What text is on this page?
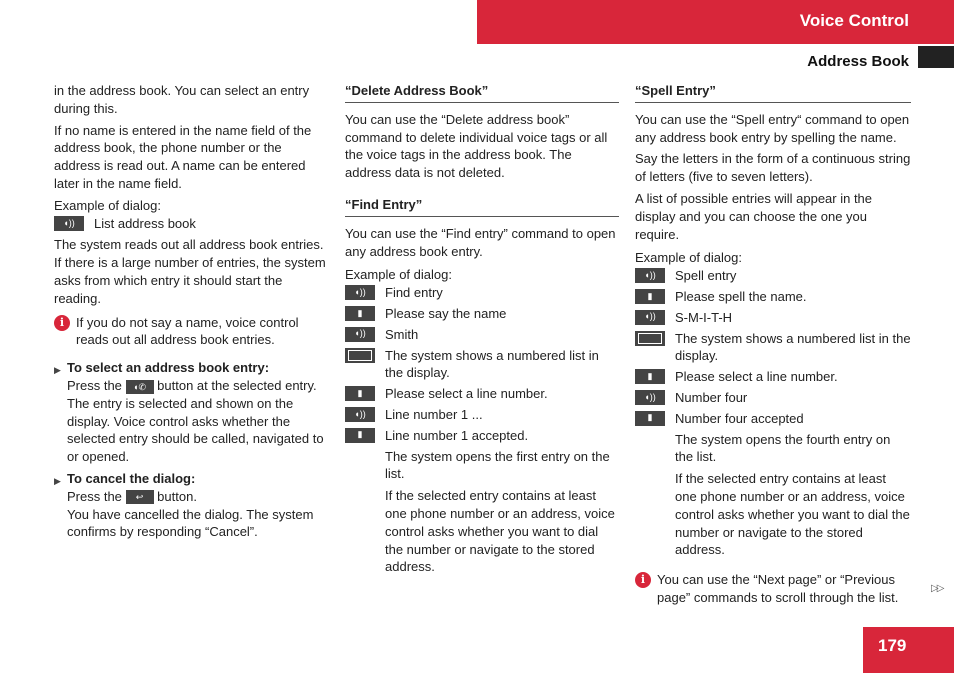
Voice Control
Address Book

in the address book. You can select an entry during this.

If no name is entered in the name field of the address book, the phone number or the address is read out. A name can be entered later in the name field.

Example of dialog:

◖))	List address book

The system reads out all address book entries. If there is a large number of entries, the system asks from which entry it should start the reading.

i If you do not say a name, voice control reads out all address book entries.
▶ To select an address book entry:
Press the ◖✆ button at the selected entry.
The entry is selected and shown on the display. Voice control asks whether the selected entry should be called, navigated to or opened.
▶ To cancel the dialog:
Press the ↩ button.
You have cancelled the dialog. The system confirms by responding “Cancel”.
“Delete Address Book”

You can use the “Delete address book” command to delete individual voice tags or all the voice tags in the address book. The address data is not deleted.

“Find Entry”

You can use the “Find entry” command to open any address book entry.

Example of dialog:

◖))	Find entry
▮	Please say the name
◖))	Smith
The system shows a numbered list in the display.
▮	Please select a line number.
◖))	Line number 1 ...
▮	Line number 1 accepted.

The system opens the first entry on the list.

If the selected entry contains at least one phone number or an address, voice control asks whether you want to dial the number or navigate to the stored address.

“Spell Entry”

You can use the “Spell entry“ command to open any address book entry by spelling the name.

Say the letters in the form of a continuous string of letters (five to seven letters).

A list of possible entries will appear in the display and you can choose the one you require.

Example of dialog:

◖))	Spell entry
▮	Please spell the name.
◖))	S-M-I-T-H
The system shows a numbered list in the display.
▮	Please select a line number.
◖))	Number four
▮	Number four accepted

The system opens the fourth entry on the list.

If the selected entry contains at least one phone number or an address, voice control asks whether you want to dial the number or navigate to the stored address.

i You can use the “Next page” or “Previous page” commands to scroll through the list.
▷▷
179
